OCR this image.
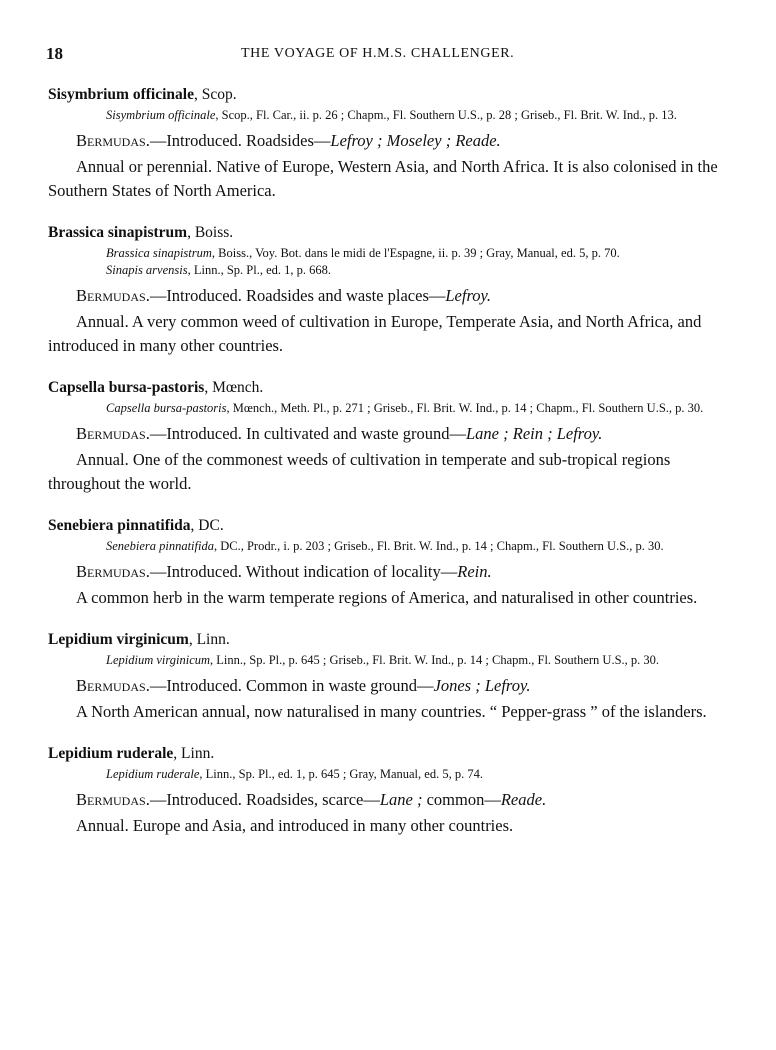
18	THE VOYAGE OF H.M.S. CHALLENGER.

Sisymbrium officinale, Scop.

Sisymbrium officinale, Scop., Fl. Car., ii. p. 26 ; Chapm., Fl. Southern U.S., p. 28 ; Griseb., Fl. Brit. W. Ind., p. 13.

Bermudas.—Introduced. Roadsides—Lefroy ; Moseley ; Reade.

Annual or perennial. Native of Europe, Western Asia, and North Africa. It is also colonised in the Southern States of North America.

Brassica sinapistrum, Boiss.

Brassica sinapistrum, Boiss., Voy. Bot. dans le midi de l'Espagne, ii. p. 39 ; Gray, Manual, ed. 5, p. 70.
Sinapis arvensis, Linn., Sp. Pl., ed. 1, p. 668.

Bermudas.—Introduced. Roadsides and waste places—Lefroy.

Annual. A very common weed of cultivation in Europe, Temperate Asia, and North Africa, and introduced in many other countries.

Capsella bursa-pastoris, Mœnch.

Capsella bursa-pastoris, Mœnch., Meth. Pl., p. 271 ; Griseb., Fl. Brit. W. Ind., p. 14 ; Chapm., Fl. Southern U.S., p. 30.

Bermudas.—Introduced. In cultivated and waste ground—Lane ; Rein ; Lefroy.

Annual. One of the commonest weeds of cultivation in temperate and sub-tropical regions throughout the world.

Senebiera pinnatifida, DC.

Senebiera pinnatifida, DC., Prodr., i. p. 203 ; Griseb., Fl. Brit. W. Ind., p. 14 ; Chapm., Fl. Southern U.S., p. 30.

Bermudas.—Introduced. Without indication of locality—Rein.

A common herb in the warm temperate regions of America, and naturalised in other countries.

Lepidium virginicum, Linn.

Lepidium virginicum, Linn., Sp. Pl., p. 645 ; Griseb., Fl. Brit. W. Ind., p. 14 ; Chapm., Fl. Southern U.S., p. 30.

Bermudas.—Introduced. Common in waste ground—Jones ; Lefroy.

A North American annual, now naturalised in many countries. “ Pepper-grass ” of the islanders.

Lepidium ruderale, Linn.

Lepidium ruderale, Linn., Sp. Pl., ed. 1, p. 645 ; Gray, Manual, ed. 5, p. 74.

Bermudas.—Introduced. Roadsides, scarce—Lane ; common—Reade.

Annual. Europe and Asia, and introduced in many other countries.
